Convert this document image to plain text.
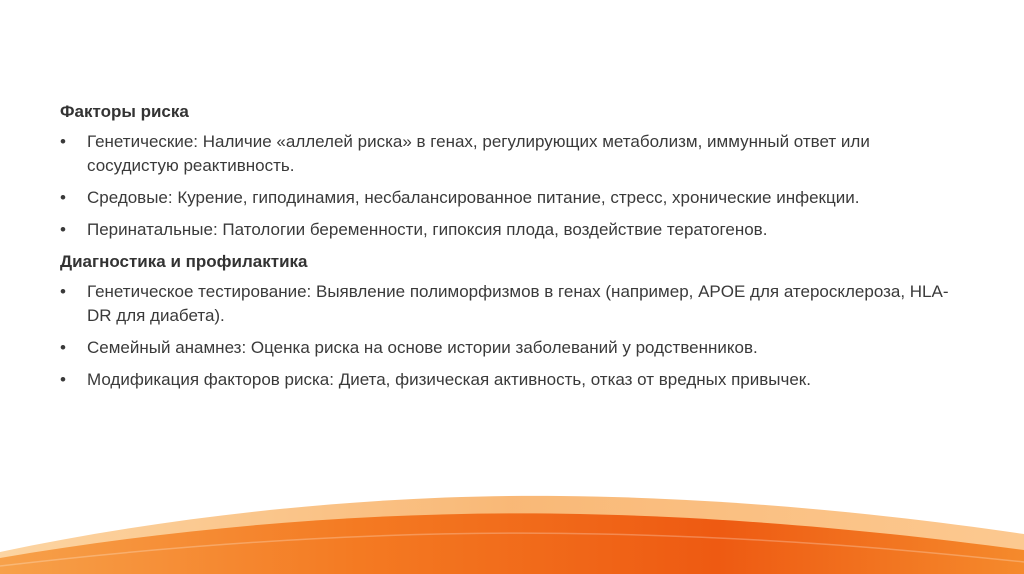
Факторы риска
• Генетические: Наличие «аллелей риска» в генах, регулирующих метаболизм, иммунный ответ или сосудистую реактивность.
• Средовые: Курение, гиподинамия, несбалансированное питание, стресс, хронические инфекции.
• Перинатальные: Патологии беременности, гипоксия плода, воздействие тератогенов.
Диагностика и профилактика
• Генетическое тестирование: Выявление полиморфизмов в генах (например, APOE для атеросклероза, HLA-DR для диабета).
• Семейный анамнез: Оценка риска на основе истории заболеваний у родственников.
• Модификация факторов риска: Диета, физическая активность, отказ от вредных привычек.
